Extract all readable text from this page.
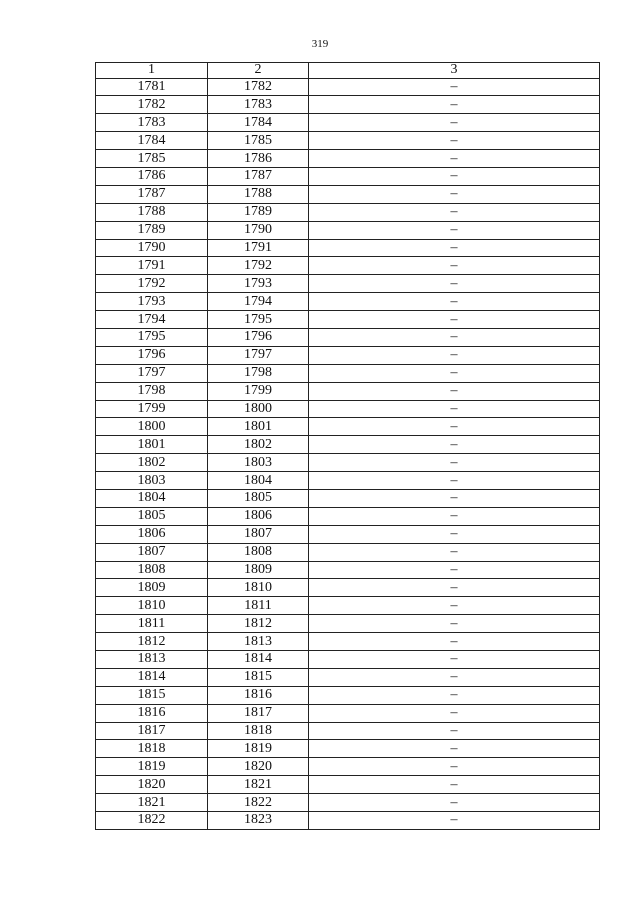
319
1	2	3
1781	1782	–
1782	1783	–
1783	1784	–
1784	1785	–
1785	1786	–
1786	1787	–
1787	1788	–
1788	1789	–
1789	1790	–
1790	1791	–
1791	1792	–
1792	1793	–
1793	1794	–
1794	1795	–
1795	1796	–
1796	1797	–
1797	1798	–
1798	1799	–
1799	1800	–
1800	1801	–
1801	1802	–
1802	1803	–
1803	1804	–
1804	1805	–
1805	1806	–
1806	1807	–
1807	1808	–
1808	1809	–
1809	1810	–
1810	1811	–
1811	1812	–
1812	1813	–
1813	1814	–
1814	1815	–
1815	1816	–
1816	1817	–
1817	1818	–
1818	1819	–
1819	1820	–
1820	1821	–
1821	1822	–
1822	1823	–
